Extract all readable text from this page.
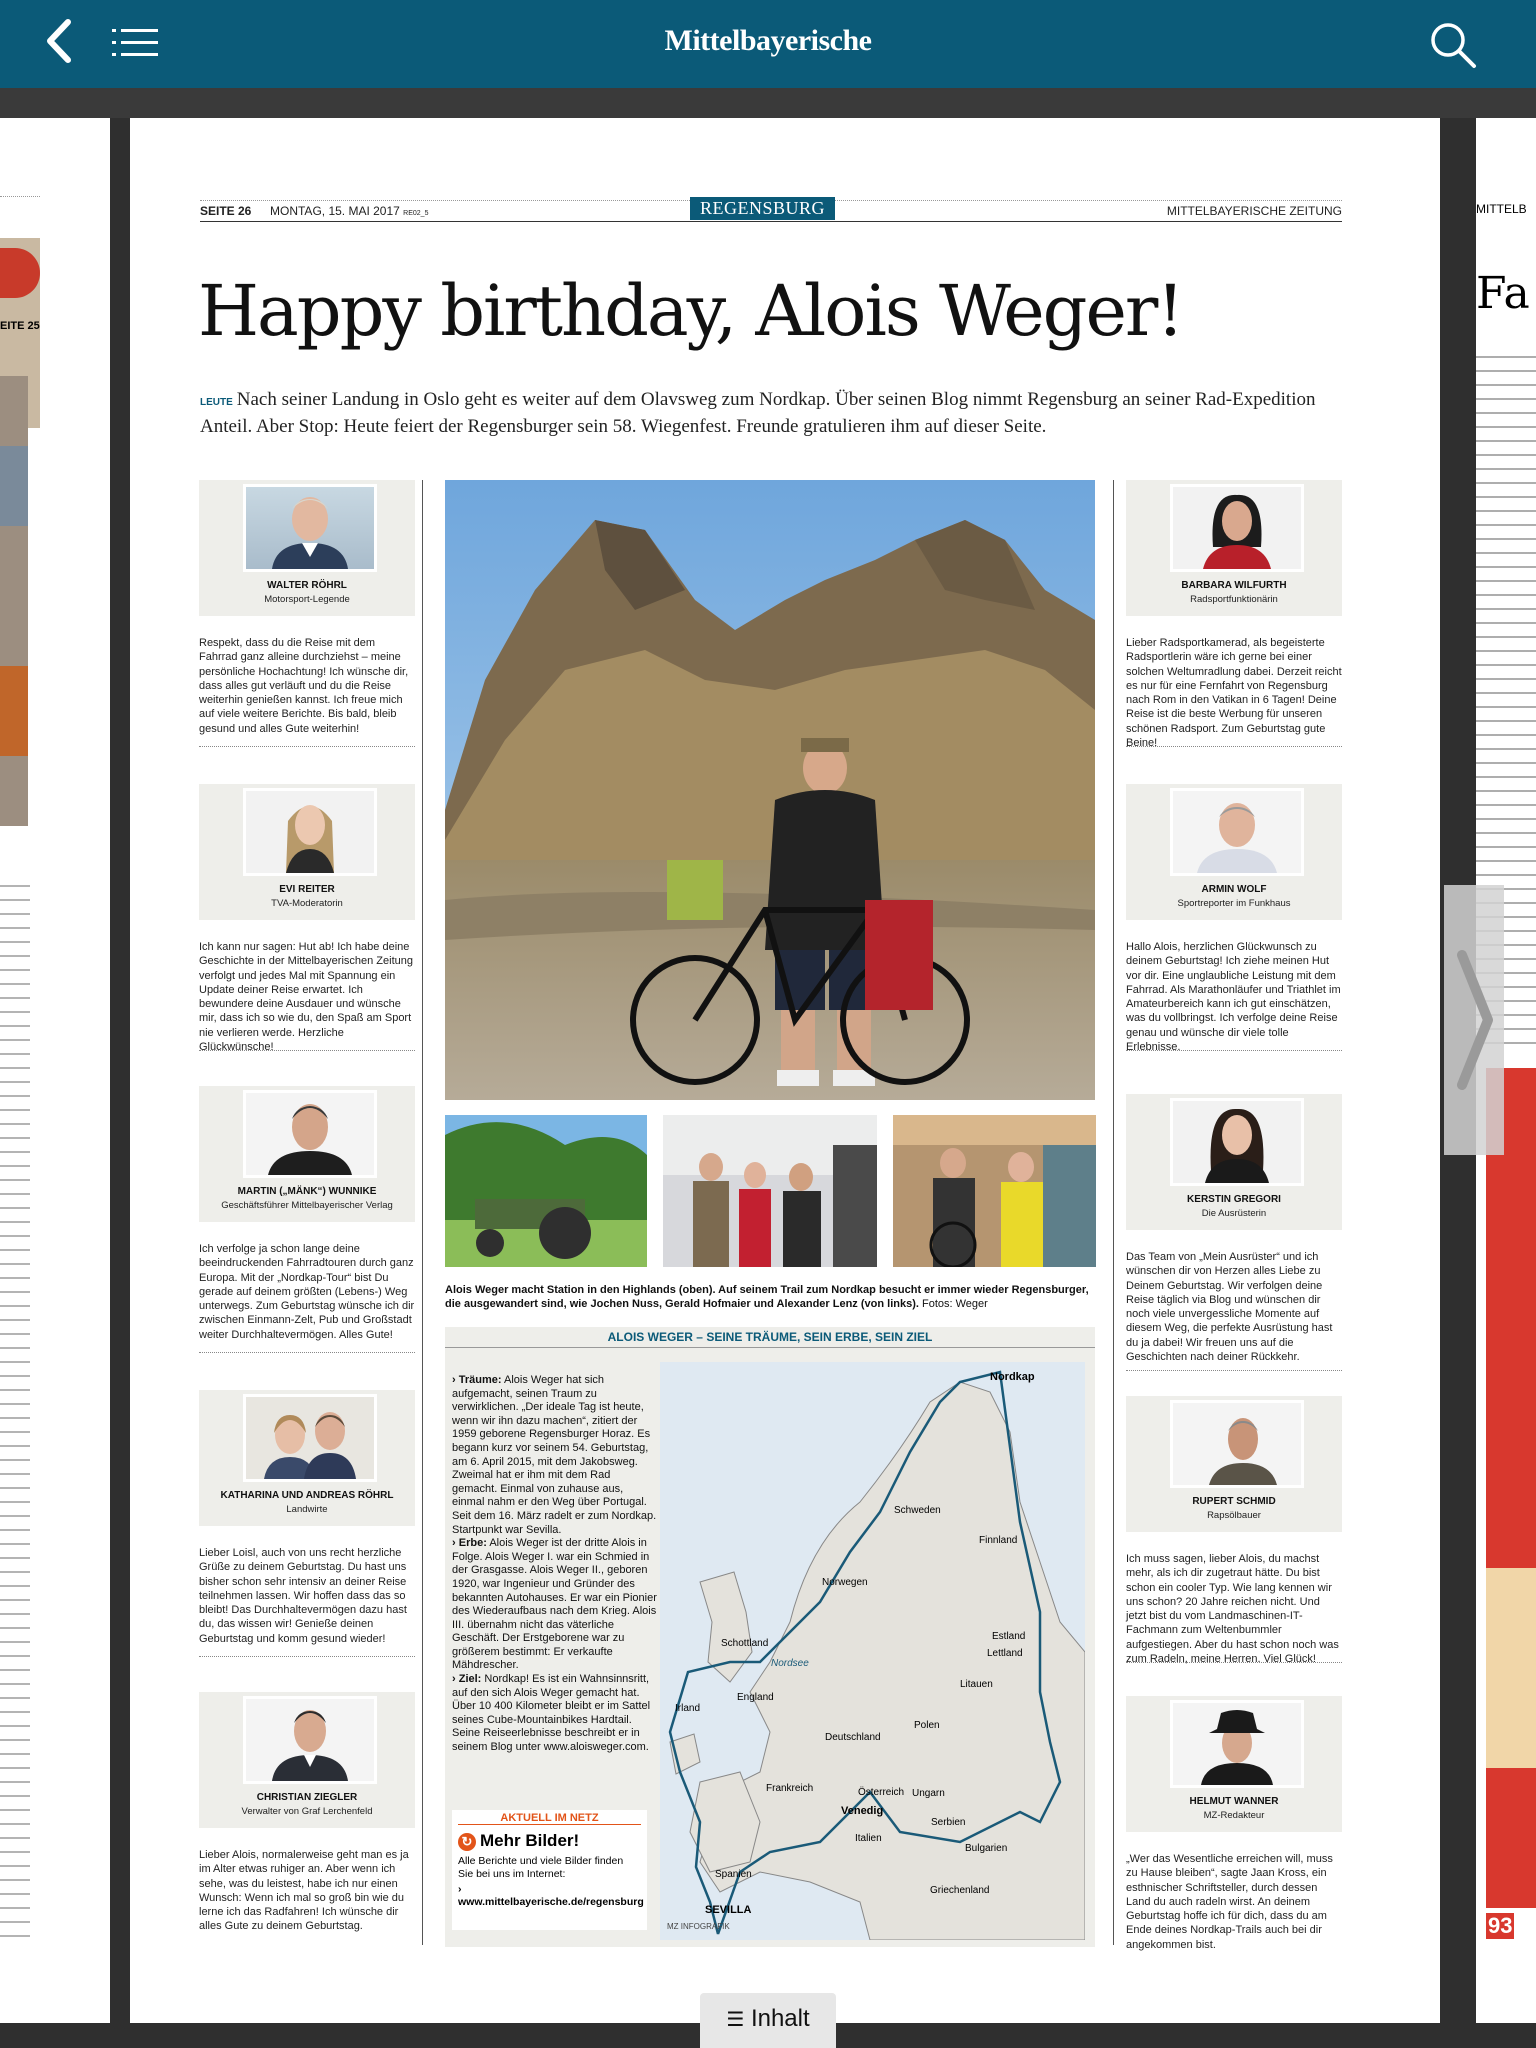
Mittelbayerische
EITE 25
MITTELB
Fa
93
SEITE 26 MONTAG, 15. MAI 2017 RE02_5	REGENSBURG	MITTELBAYERISCHE ZEITUNG
Happy birthday, Alois Weger!
LEUTE Nach seiner Landung in Oslo geht es weiter auf dem Olavsweg zum Nordkap. Über seinen Blog nimmt Regensburg an seiner Rad-Expedition Anteil. Aber Stop: Heute feiert der Regensburger sein 58. Wiegenfest. Freunde gratulieren ihm auf dieser Seite.
WALTER RÖHRL
Motorsport-Legende
Respekt, dass du die Reise mit dem Fahrrad ganz alleine durchziehst – meine persönliche Hochachtung! Ich wünsche dir, dass alles gut verläuft und du die Reise weiterhin genießen kannst. Ich freue mich auf viele weitere Berichte. Bis bald, bleib gesund und alles Gute weiterhin!
EVI REITER
TVA-Moderatorin
Ich kann nur sagen: Hut ab! Ich habe deine Geschichte in der Mittelbayerischen Zeitung verfolgt und jedes Mal mit Spannung ein Update deiner Reise erwartet. Ich bewundere deine Ausdauer und wünsche mir, dass ich so wie du, den Spaß am Sport nie verlieren werde. Herzliche Glückwünsche!
MARTIN („MÄNK“) WUNNIKE
Geschäftsführer Mittelbayerischer Verlag
Ich verfolge ja schon lange deine beeindruckenden Fahrradtouren durch ganz Europa. Mit der „Nordkap-Tour“ bist Du gerade auf deinem größten (Lebens-) Weg unterwegs. Zum Geburtstag wünsche ich dir zwischen Einmann-Zelt, Pub und Großstadt weiter Durchhaltevermögen. Alles Gute!
KATHARINA UND ANDREAS RÖHRL
Landwirte
Lieber Loisl, auch von uns recht herzliche Grüße zu deinem Geburtstag. Du hast uns bisher schon sehr intensiv an deiner Reise teilnehmen lassen. Wir hoffen dass das so bleibt! Das Durchhaltevermögen dazu hast du, das wissen wir! Genieße deinen Geburtstag und komm gesund wieder!
CHRISTIAN ZIEGLER
Verwalter von Graf Lerchenfeld
Lieber Alois, normalerweise geht man es ja im Alter etwas ruhiger an. Aber wenn ich sehe, was du leistest, habe ich nur einen Wunsch: Wenn ich mal so groß bin wie du lerne ich das Radfahren! Ich wünsche dir alles Gute zu deinem Geburtstag.
BARBARA WILFURTH
Radsportfunktionärin
Lieber Radsportkamerad, als begeisterte Radsportlerin wäre ich gerne bei einer solchen Weltumradlung dabei. Derzeit reicht es nur für eine Fernfahrt von Regensburg nach Rom in den Vatikan in 6 Tagen! Deine Reise ist die beste Werbung für unseren schönen Radsport. Zum Geburtstag gute Beine!
ARMIN WOLF
Sportreporter im Funkhaus
Hallo Alois, herzlichen Glückwunsch zu deinem Geburtstag! Ich ziehe meinen Hut vor dir. Eine unglaubliche Leistung mit dem Fahrrad. Als Marathonläufer und Triathlet im Amateurbereich kann ich gut einschätzen, was du vollbringst. Ich verfolge deine Reise genau und wünsche dir viele tolle Erlebnisse.
KERSTIN GREGORI
Die Ausrüsterin
Das Team von „Mein Ausrüster“ und ich wünschen dir von Herzen alles Liebe zu Deinem Geburtstag. Wir verfolgen deine Reise täglich via Blog und wünschen dir noch viele unvergessliche Momente auf diesem Weg, die perfekte Ausrüstung hast du ja dabei! Wir freuen uns auf die Geschichten nach deiner Rückkehr.
RUPERT SCHMID
Rapsölbauer
Ich muss sagen, lieber Alois, du machst mehr, als ich dir zugetraut hätte. Du bist schon ein cooler Typ. Wie lang kennen wir uns schon? 20 Jahre reichen nicht. Und jetzt bist du vom Landmaschinen-IT-Fachmann zum Weltenbummler aufgestiegen. Aber du hast schon noch was zum Radeln, meine Herren. Viel Glück!
HELMUT WANNER
MZ-Redakteur
„Wer das Wesentliche erreichen will, muss zu Hause bleiben“, sagte Jaan Kross, ein esthnischer Schriftsteller, durch dessen Land du auch radeln wirst. An deinem Geburtstag hoffe ich für dich, dass du am Ende deines Nordkap-Trails auch bei dir angekommen bist.
Alois Weger macht Station in den Highlands (oben). Auf seinem Trail zum Nordkap besucht er immer wieder Regensburger, die ausgewandert sind, wie Jochen Nuss, Gerald Hofmaier und Alexander Lenz (von links). Fotos: Weger
ALOIS WEGER – SEINE TRÄUME, SEIN ERBE, SEIN ZIEL
› Träume: Alois Weger hat sich aufgemacht, seinen Traum zu verwirklichen. „Der ideale Tag ist heute, wenn wir ihn dazu machen“, zitiert der 1959 geborene Regensburger Horaz. Es begann kurz vor seinem 54. Geburtstag, am 6. April 2015, mit dem Jakobsweg. Zweimal hat er ihm mit dem Rad gemacht. Einmal von zuhause aus, einmal nahm er den Weg über Portugal. Seit dem 16. März radelt er zum Nordkap. Startpunkt war Sevilla.
› Erbe: Alois Weger ist der dritte Alois in Folge. Alois Weger I. war ein Schmied in der Grasgasse. Alois Weger II., geboren 1920, war Ingenieur und Gründer des bekannten Autohauses. Er war ein Pionier des Wiederaufbaus nach dem Krieg. Alois III. übernahm nicht das väterliche Geschäft. Der Erstgeborene war zu größerem bestimmt: Er verkaufte Mähdrescher.
› Ziel: Nordkap! Es ist ein Wahnsinnsritt, auf den sich Alois Weger gemacht hat. Über 10 400 Kilometer bleibt er im Sattel seines Cube-Mountainbikes Hardtail. Seine Reiseerlebnisse beschreibt er in seinem Blog unter www.aloisweger.com.
AKTUELL IM NETZ
↻ Mehr Bilder!
Alle Berichte und viele Bilder finden Sie bei uns im Internet:
› www.mittelbayerische.de/regensburg
Nordkap
Schweden
Finnland
Norwegen
Estland
Lettland
Schottland
Nordsee
Litauen
England
Irland
Polen
Deutschland
Frankreich	Österreich Ungarn
Venedig
Serbien
Italien
Bulgarien
Spanien
Griechenland
SEVILLA
MZ INFOGRAFIK
☰ Inhalt
